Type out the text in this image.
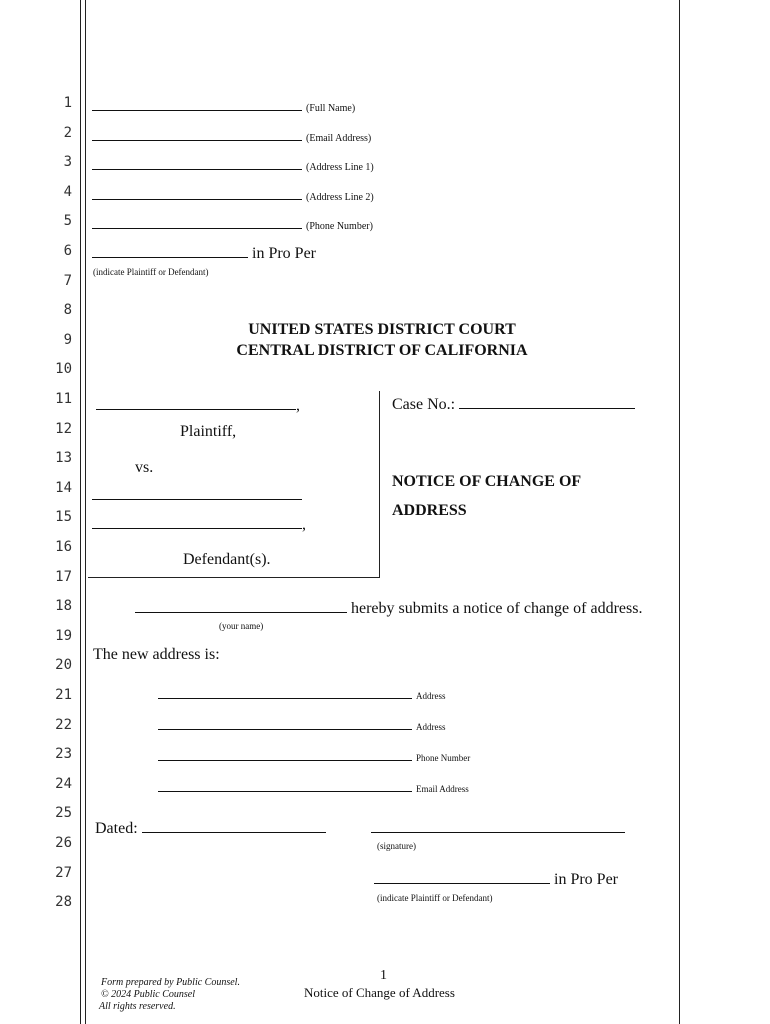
1
2
3
4
5
6
7
8
9
10
11
12
13
14
15
16
17
18
19
20
21
22
23
24
25
26
27
28
(Full Name)
(Email Address)
(Address Line 1)
(Address Line 2)
(Phone Number)
in Pro Per
(indicate Plaintiff or Defendant)
UNITED STATES DISTRICT COURT
CENTRAL DISTRICT OF CALIFORNIA
,
Plaintiff,
vs.
,
Defendant(s).
Case No.:
NOTICE OF CHANGE OF
ADDRESS
hereby submits a notice of change of address.
(your name)
The new address is:
Address
Address
Phone Number
Email Address
Dated:
(signature)
in Pro Per
(indicate Plaintiff or Defendant)
Form prepared by Public Counsel.
© 2024 Public Counsel
All rights reserved.
1
Notice of Change of Address
